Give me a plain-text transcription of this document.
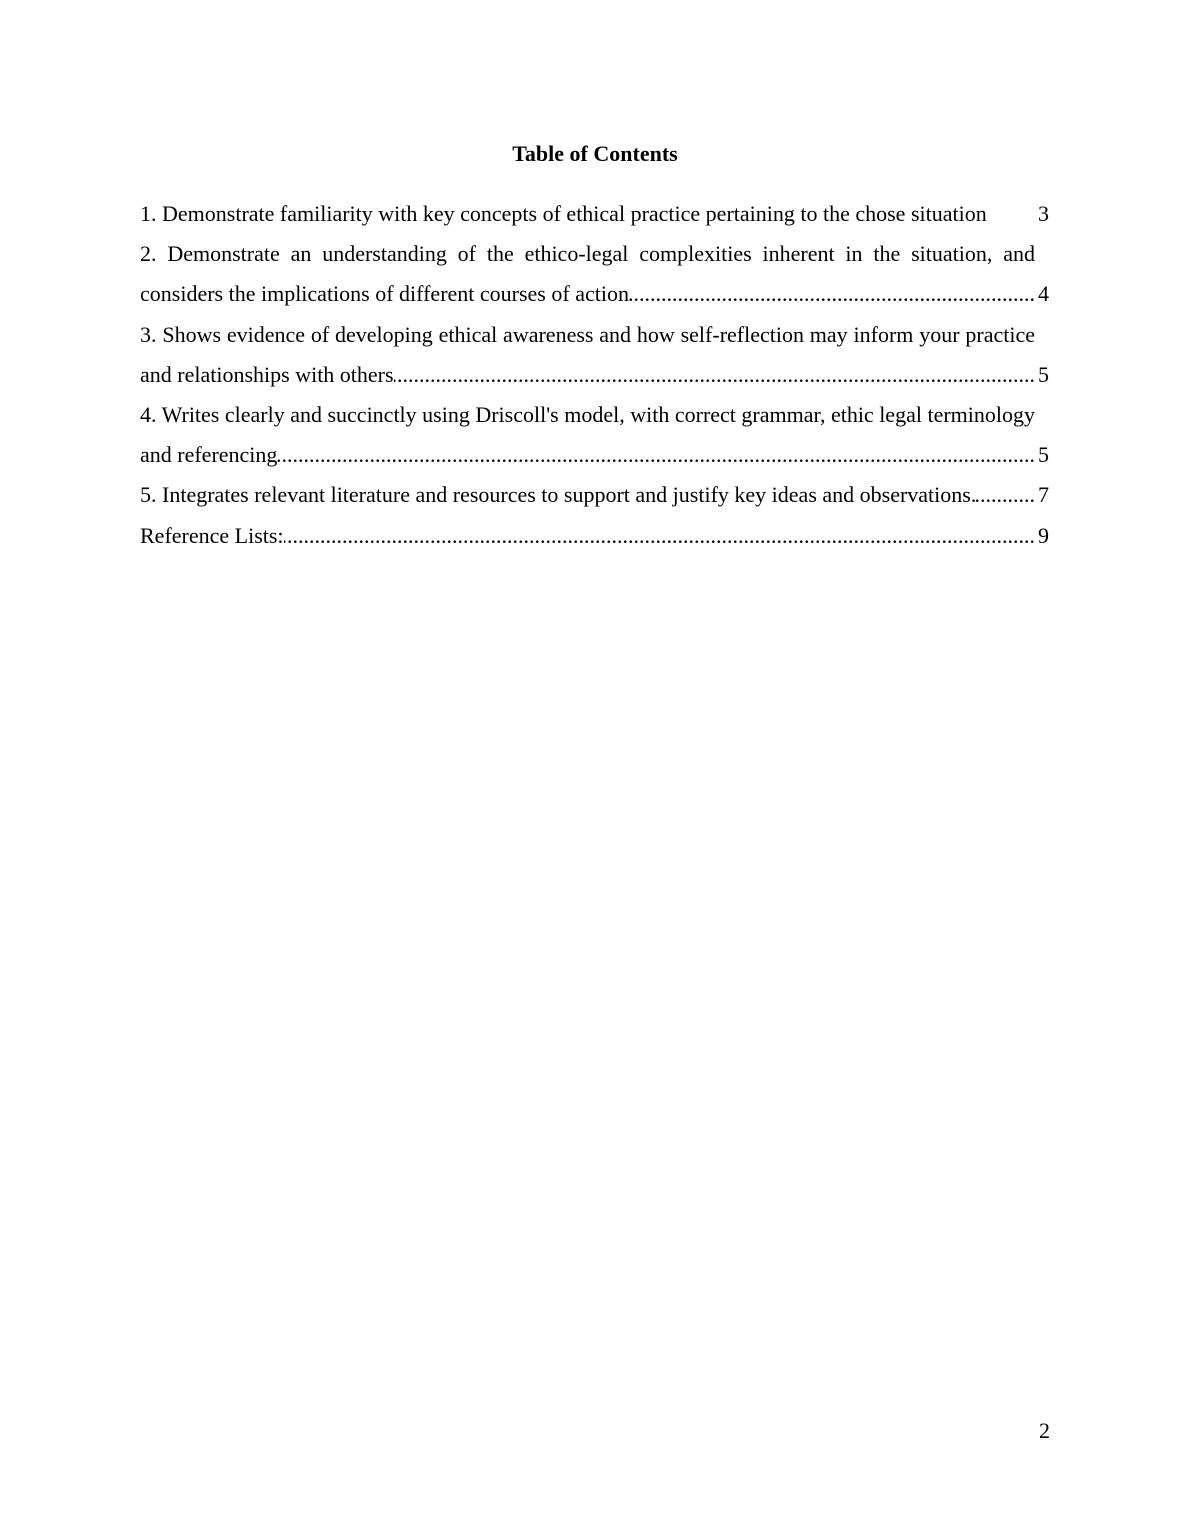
Table of Contents
1. Demonstrate familiarity with key concepts of ethical practice pertaining to the chose situation 3
2. Demonstrate an understanding of the ethico-legal complexities inherent in the situation, and considers the implications of different courses of action	4
.....
3. Shows evidence of developing ethical awareness and how self-reflection may inform your practice and relationships with others	5
.....
4. Writes clearly and succinctly using Driscoll's model, with correct grammar, ethic legal terminology and referencing	5
.....
5. Integrates relevant literature and resources to support and justify key ideas and observations.	7
.....
Reference Lists:	9
.....
2
